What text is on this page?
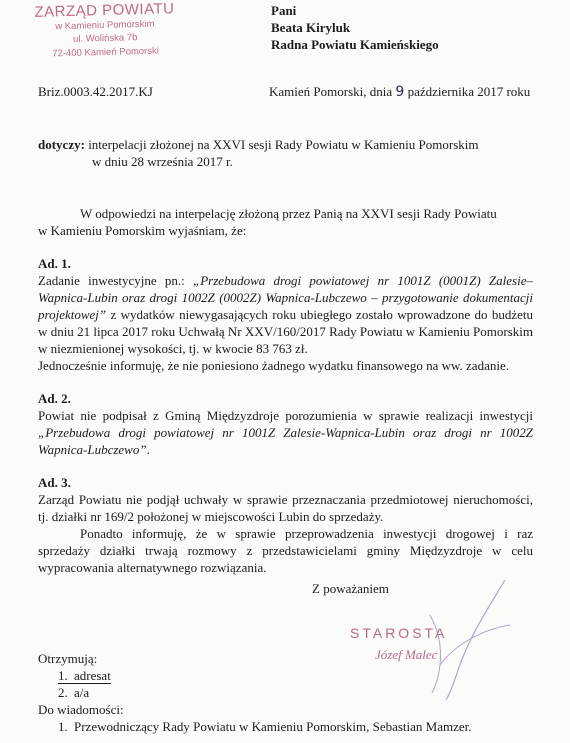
ZARZĄD POWIATU
w Kamieniu Pomorskim
ul. Wolińska 7b
72-400 Kamień Pomorski
Pani
Beata Kiryluk
Radna Powiatu Kamieńskiego
Briz.0003.42.2017.KJ	Kamień Pomorski, dnia 9 października 2017 roku
dotyczy: interpelacji złożonej na XXVI sesji Rady Powiatu w Kamieniu Pomorskim
w dniu 28 września 2017 r.
W odpowiedzi na interpelację złożoną przez Panią na XXVI sesji Rady Powiatu
w Kamieniu Pomorskim wyjaśniam, że:
Ad. 1.
Zadanie inwestycyjne pn.: „Przebudowa drogi powiatowej nr 1001Z (0001Z) Zalesie–Wapnica-Lubin oraz drogi 1002Z (0002Z) Wapnica-Lubczewo – przygotowanie dokumentacji projektowej” z wydatków niewygasających roku ubiegłego zostało wprowadzone do budżetu w dniu 21 lipca 2017 roku Uchwałą Nr XXV/160/2017 Rady Powiatu w Kamieniu Pomorskim w niezmienionej wysokości, tj. w kwocie 83 763 zł.
Jednocześnie informuję, że nie poniesiono żadnego wydatku finansowego na ww. zadanie.
Ad. 2.
Powiat nie podpisał z Gminą Międzyzdroje porozumienia w sprawie realizacji inwestycji „Przebudowa drogi powiatowej nr 1001Z Zalesie-Wapnica-Lubin oraz drogi nr 1002Z Wapnica-Lubczewo”.
Ad. 3.
Zarząd Powiatu nie podjął uchwały w sprawie przeznaczania przedmiotowej nieruchomości, tj. działki nr 169/2 położonej w miejscowości Lubin do sprzedaży.
Ponadto informuję, że w sprawie przeprowadzenia inwestycji drogowej i raz sprzedaży działki trwają rozmowy z przedstawicielami gminy Międzyzdroje w celu wypracowania alternatywnego rozwiązania.
Z poważaniem
STAROSTA
Józef Malec
Otrzymują:
1. adresat
2. a/a
Do wiadomości:
1. Przewodniczący Rady Powiatu w Kamieniu Pomorskim, Sebastian Mamzer.
